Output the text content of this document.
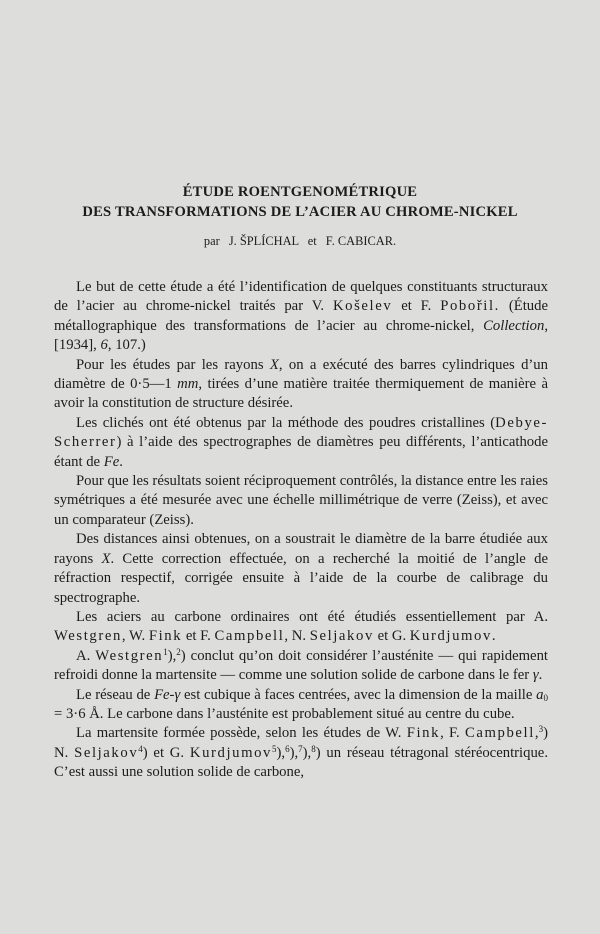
ÉTUDE ROENTGENOMÉTRIQUE
DES TRANSFORMATIONS DE L’ACIER AU CHROME-NICKEL
par J. ŠPLÍCHAL et F. CABICAR.

Le but de cette étude a été l’identification de quelques constituants structuraux de l’acier au chrome-nickel traités par V. Košelev et F. Pobořil. (Étude métallographique des transformations de l’acier au chrome-nickel, Collection, [1934], 6, 107.)

Pour les études par les rayons X, on a exécuté des barres cylindriques d’un diamètre de 0·5—1 mm, tirées d’une matière traitée thermiquement de manière à avoir la constitution de structure désirée.

Les clichés ont été obtenus par la méthode des poudres cristallines (Debye-Scherrer) à l’aide des spectrographes de diamètres peu différents, l’anticathode étant de Fe.

Pour que les résultats soient réciproquement contrôlés, la distance entre les raies symétriques a été mesurée avec une échelle millimétrique de verre (Zeiss), et avec un comparateur (Zeiss).

Des distances ainsi obtenues, on a soustrait le diamètre de la barre étudiée aux rayons X. Cette correction effectuée, on a recherché la moitié de l’angle de réfraction respectif, corrigée ensuite à l’aide de la courbe de calibrage du spectrographe.

Les aciers au carbone ordinaires ont été étudiés essentiellement par A. Westgren, W. Fink et F. Campbell, N. Seljakov et G. Kurdjumov.

A. Westgren$^1$),$^2$) conclut qu’on doit considérer l’austénite — qui rapidement refroidi donne la martensite — comme une solution solide de carbone dans le fer γ.

Le réseau de Fe-γ est cubique à faces centrées, avec la dimension de la maille $a_0 = 3\cdot 6$ Å. Le carbone dans l’austénite est probablement situé au centre du cube.

La martensite formée possède, selon les études de W. Fink, F. Campbell,$^3$) N. Seljakov$^4$) et G. Kurdjumov$^5$),$^6$),$^7$),$^8$) un réseau tétragonal stéréocentrique. C’est aussi une solution solide de carbone,
